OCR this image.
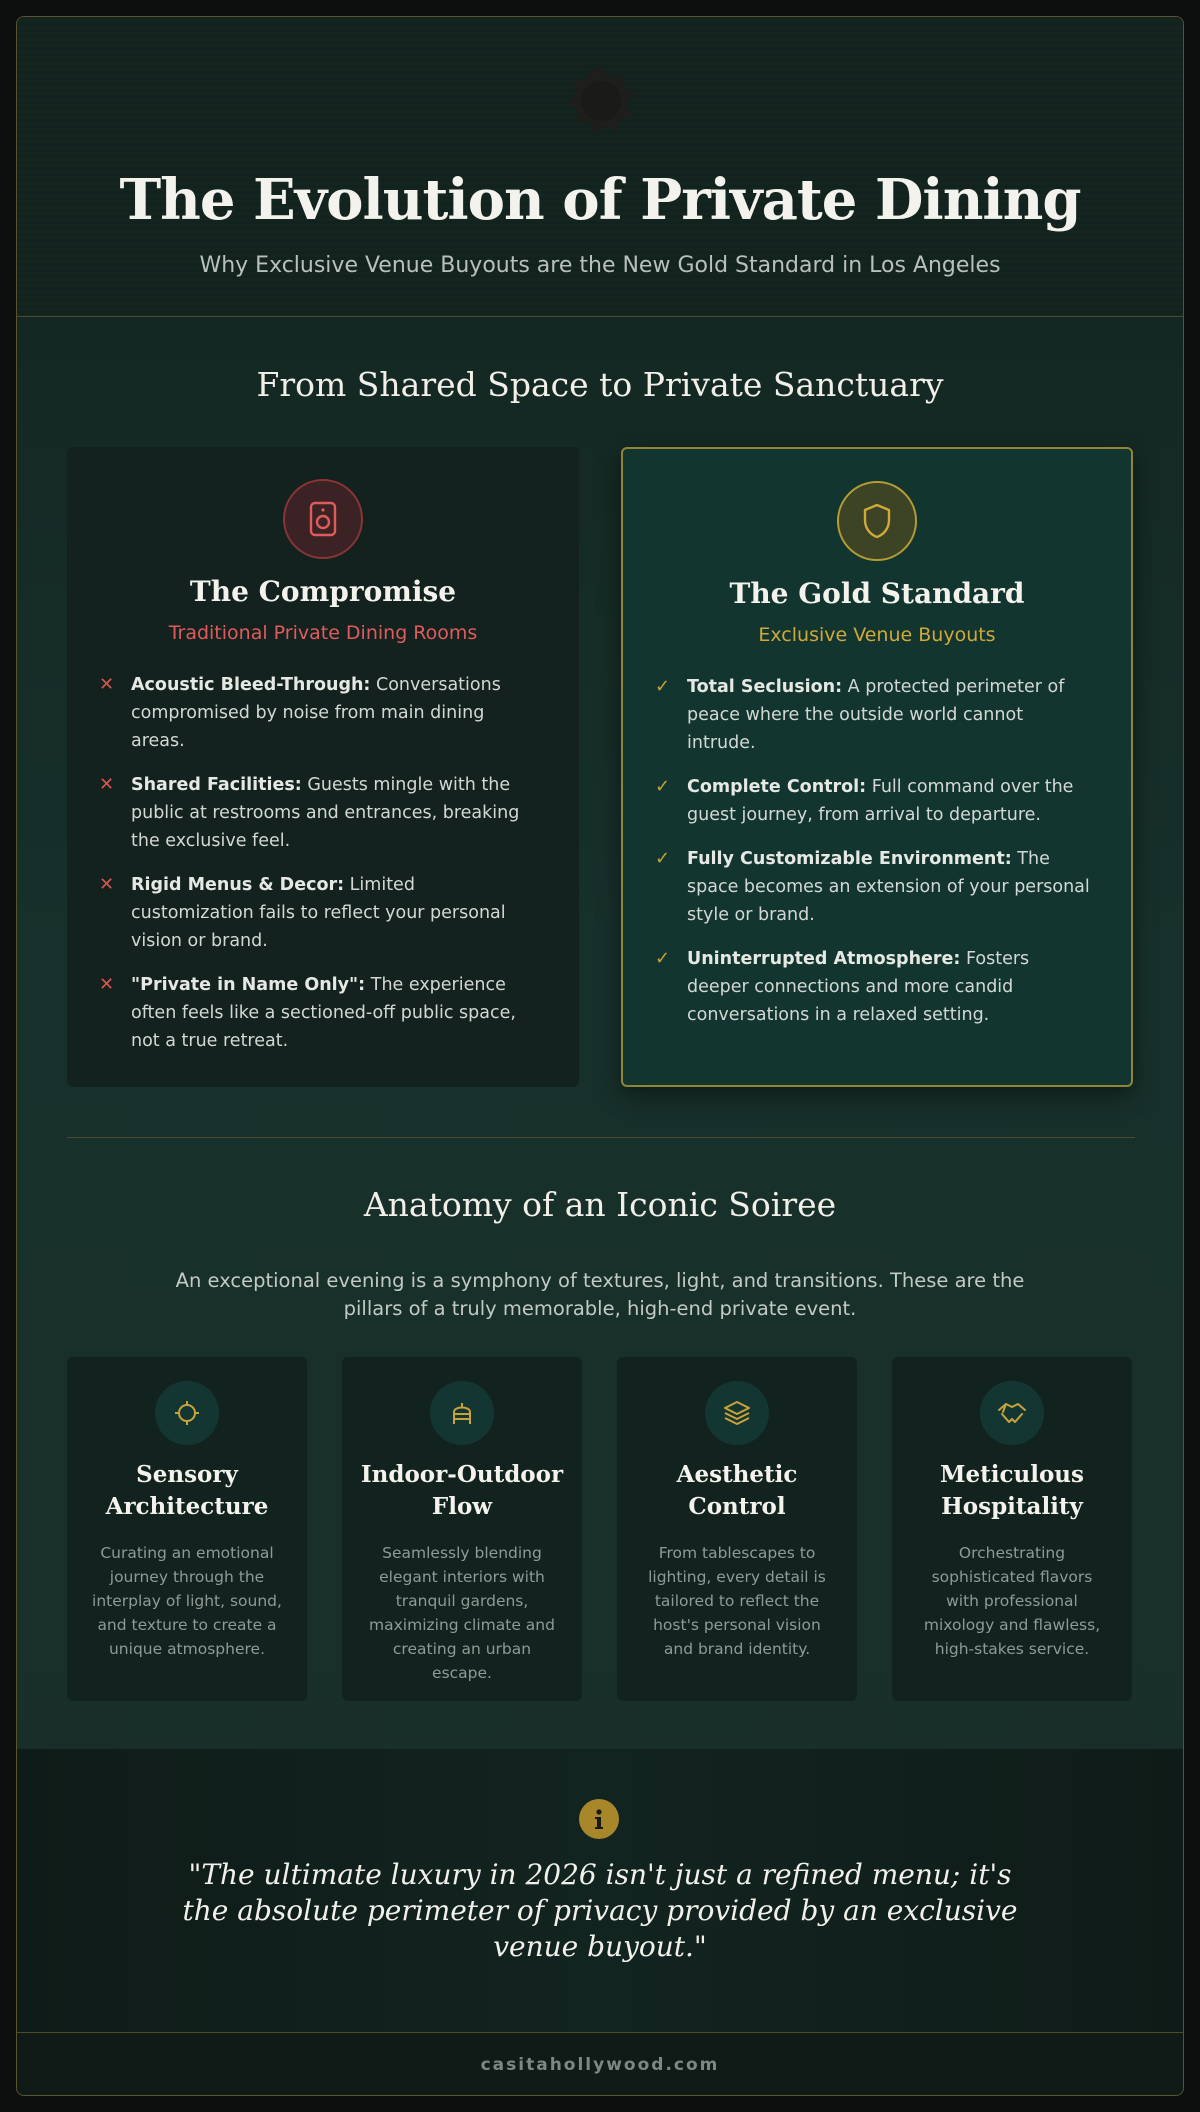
The Evolution of Private Dining
Why Exclusive Venue Buyouts are the New Gold Standard in Los Angeles
From Shared Space to Private Sanctuary
The Compromise
Traditional Private Dining Rooms
✕ Acoustic Bleed-Through: Conversations compromised by noise from main dining areas.
✕ Shared Facilities: Guests mingle with the public at restrooms and entrances, breaking the exclusive feel.
✕ Rigid Menus & Decor: Limited customization fails to reflect your personal vision or brand.
✕ "Private in Name Only": The experience often feels like a sectioned-off public space, not a true retreat.
The Gold Standard
Exclusive Venue Buyouts
✓ Total Seclusion: A protected perimeter of peace where the outside world cannot intrude.
✓ Complete Control: Full command over the guest journey, from arrival to departure.
✓ Fully Customizable Environment: The space becomes an extension of your personal style or brand.
✓ Uninterrupted Atmosphere: Fosters deeper connections and more candid conversations in a relaxed setting.
Anatomy of an Iconic Soiree
An exceptional evening is a symphony of textures, light, and transitions. These are the pillars of a truly memorable, high-end private event.
Sensory Architecture
Curating an emotional journey through the interplay of light, sound, and texture to create a unique atmosphere.
Indoor-Outdoor Flow
Seamlessly blending elegant interiors with tranquil gardens, maximizing climate and creating an urban escape.
Aesthetic Control
From tablescapes to lighting, every detail is tailored to reflect the host's personal vision and brand identity.
Meticulous Hospitality
Orchestrating sophisticated flavors with professional mixology and flawless, high-stakes service.
"The ultimate luxury in 2026 isn't just a refined menu; it's the absolute perimeter of privacy provided by an exclusive venue buyout."
casitahollywood.com
